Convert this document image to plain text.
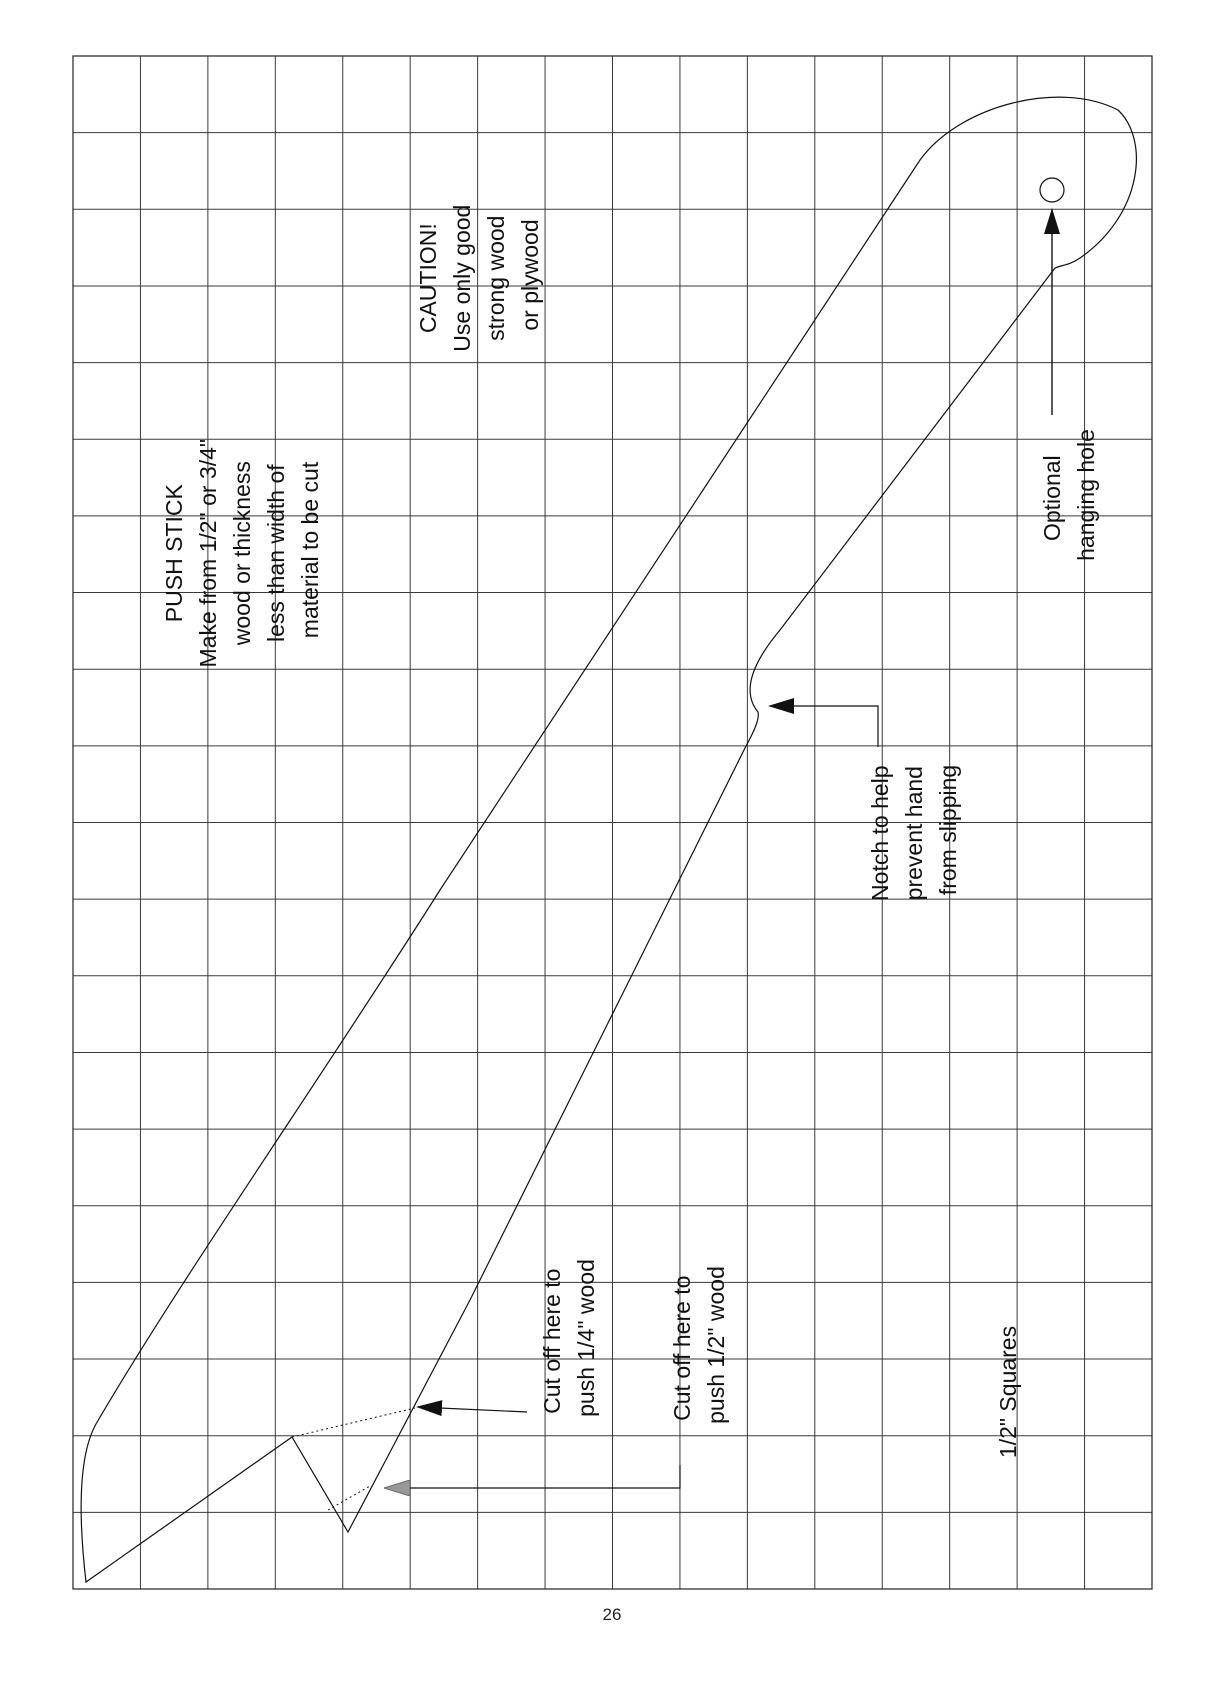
PUSH STICK Make from 1/2" or 3/4" wood or thickness less than width of material to be cut
CAUTION! Use only good strong wood or plywood
Optional hanging hole
Notch to help prevent hand from slipping
Cut off here to push 1/4" wood	Cut off here to push 1/2" wood	1/2" Squares
26
